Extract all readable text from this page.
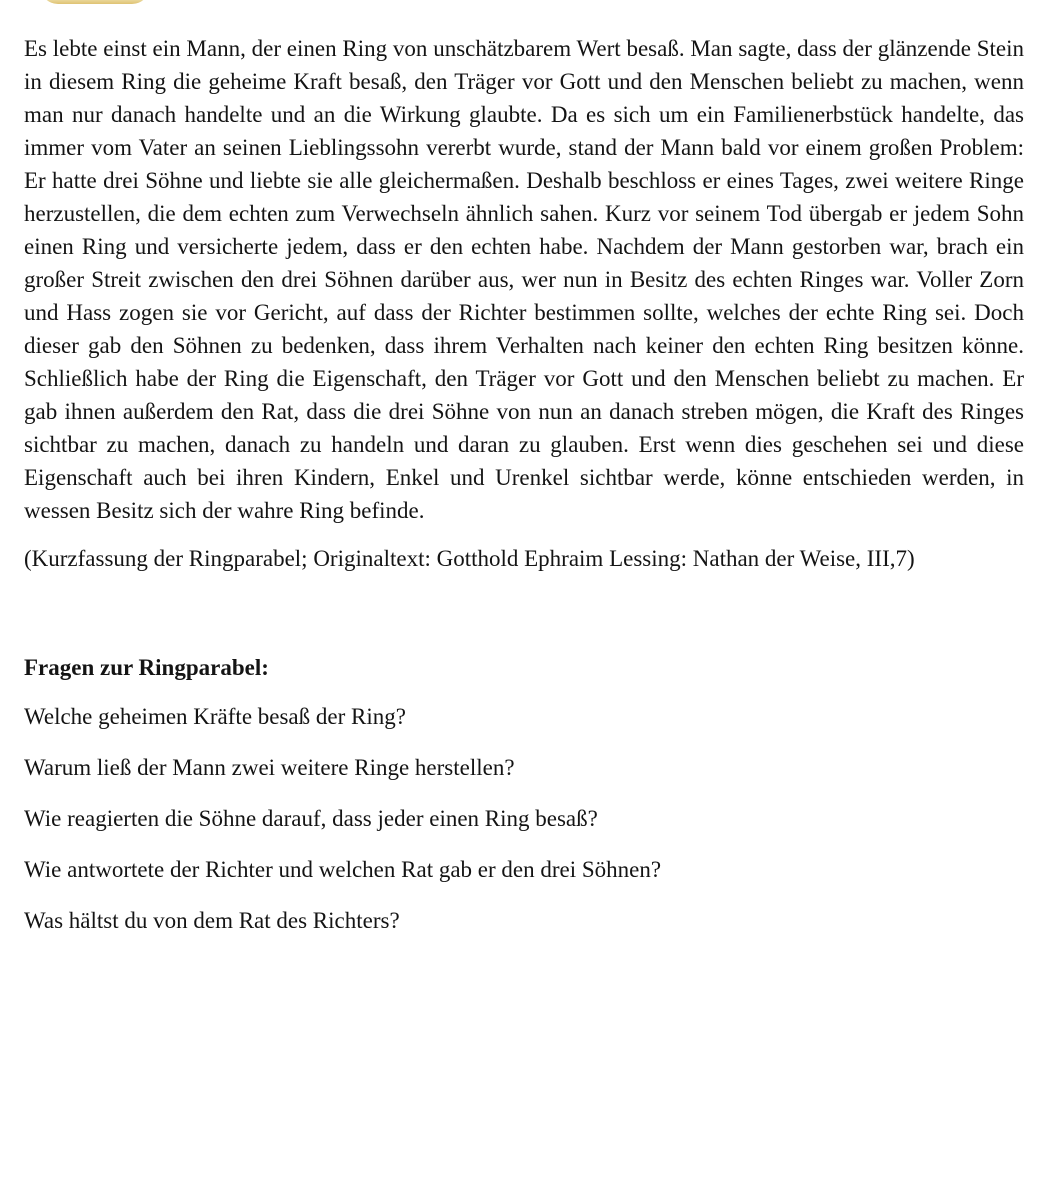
Es lebte einst ein Mann, der einen Ring von unschätzbarem Wert besaß. Man sagte, dass der glänzende Stein in diesem Ring die geheime Kraft besaß, den Träger vor Gott und den Menschen beliebt zu machen, wenn man nur danach handelte und an die Wirkung glaubte. Da es sich um ein Familienerbstück handelte, das immer vom Vater an seinen Lieblingssohn vererbt wurde, stand der Mann bald vor einem großen Problem: Er hatte drei Söhne und liebte sie alle gleichermaßen. Deshalb beschloss er eines Tages, zwei weitere Ringe herzustellen, die dem echten zum Verwechseln ähnlich sahen. Kurz vor seinem Tod übergab er jedem Sohn einen Ring und versicherte jedem, dass er den echten habe. Nachdem der Mann gestorben war, brach ein großer Streit zwischen den drei Söhnen darüber aus, wer nun in Besitz des echten Ringes war. Voller Zorn und Hass zogen sie vor Gericht, auf dass der Richter bestimmen sollte, welches der echte Ring sei. Doch dieser gab den Söhnen zu bedenken, dass ihrem Verhalten nach keiner den echten Ring besitzen könne. Schließlich habe der Ring die Eigenschaft, den Träger vor Gott und den Menschen beliebt zu machen. Er gab ihnen außerdem den Rat, dass die drei Söhne von nun an danach streben mögen, die Kraft des Ringes sichtbar zu machen, danach zu handeln und daran zu glauben. Erst wenn dies geschehen sei und diese Eigenschaft auch bei ihren Kindern, Enkel und Urenkel sichtbar werde, könne entschieden werden, in wessen Besitz sich der wahre Ring befinde.

(Kurzfassung der Ringparabel; Originaltext: Gotthold Ephraim Lessing: Nathan der Weise, III,7)

Fragen zur Ringparabel:
Welche geheimen Kräfte besaß der Ring?
Warum ließ der Mann zwei weitere Ringe herstellen?
Wie reagierten die Söhne darauf, dass jeder einen Ring besaß?
Wie antwortete der Richter und welchen Rat gab er den drei Söhnen?
Was hältst du von dem Rat des Richters?
